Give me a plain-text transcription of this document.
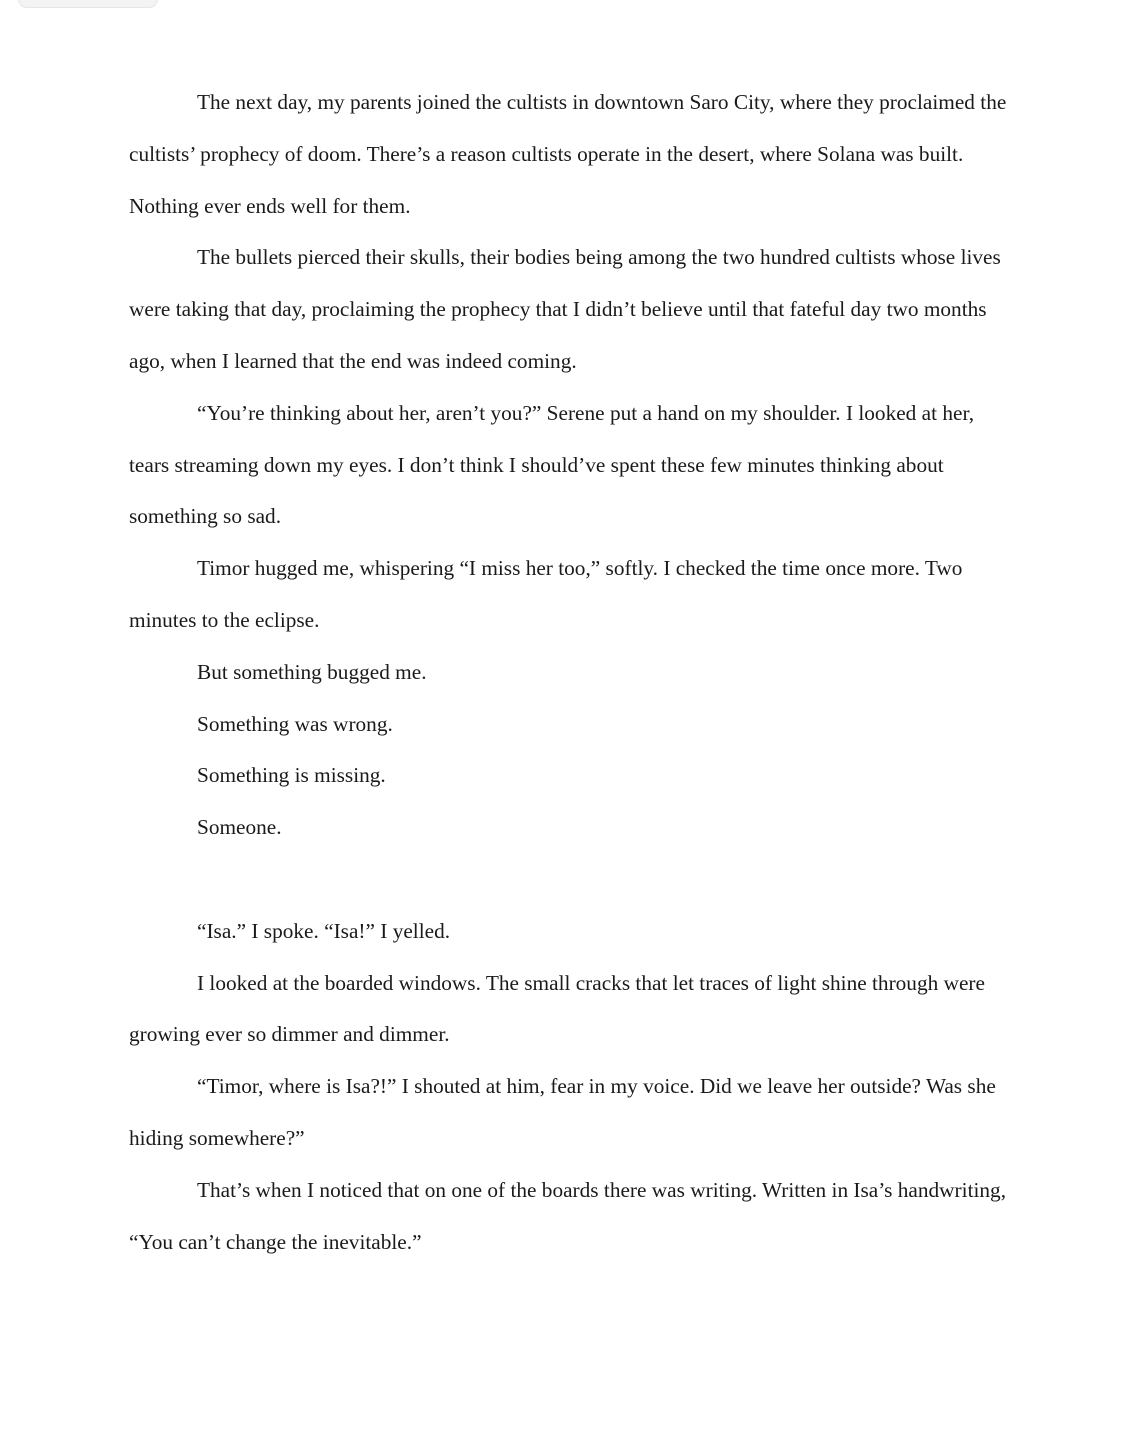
The next day, my parents joined the cultists in downtown Saro City, where they proclaimed the cultists’ prophecy of doom. There’s a reason cultists operate in the desert, where Solana was built. Nothing ever ends well for them.

The bullets pierced their skulls, their bodies being among the two hundred cultists whose lives were taking that day, proclaiming the prophecy that I didn’t believe until that fateful day two months ago, when I learned that the end was indeed coming.

“You’re thinking about her, aren’t you?” Serene put a hand on my shoulder. I looked at her, tears streaming down my eyes. I don’t think I should’ve spent these few minutes thinking about something so sad.

Timor hugged me, whispering “I miss her too,” softly. I checked the time once more. Two minutes to the eclipse.

But something bugged me.

Something was wrong.

Something is missing.

Someone.

“Isa.” I spoke. “Isa!” I yelled.

I looked at the boarded windows. The small cracks that let traces of light shine through were growing ever so dimmer and dimmer.

“Timor, where is Isa?!” I shouted at him, fear in my voice. Did we leave her outside? Was she hiding somewhere?”

That’s when I noticed that on one of the boards there was writing. Written in Isa’s handwriting, “You can’t change the inevitable.”
